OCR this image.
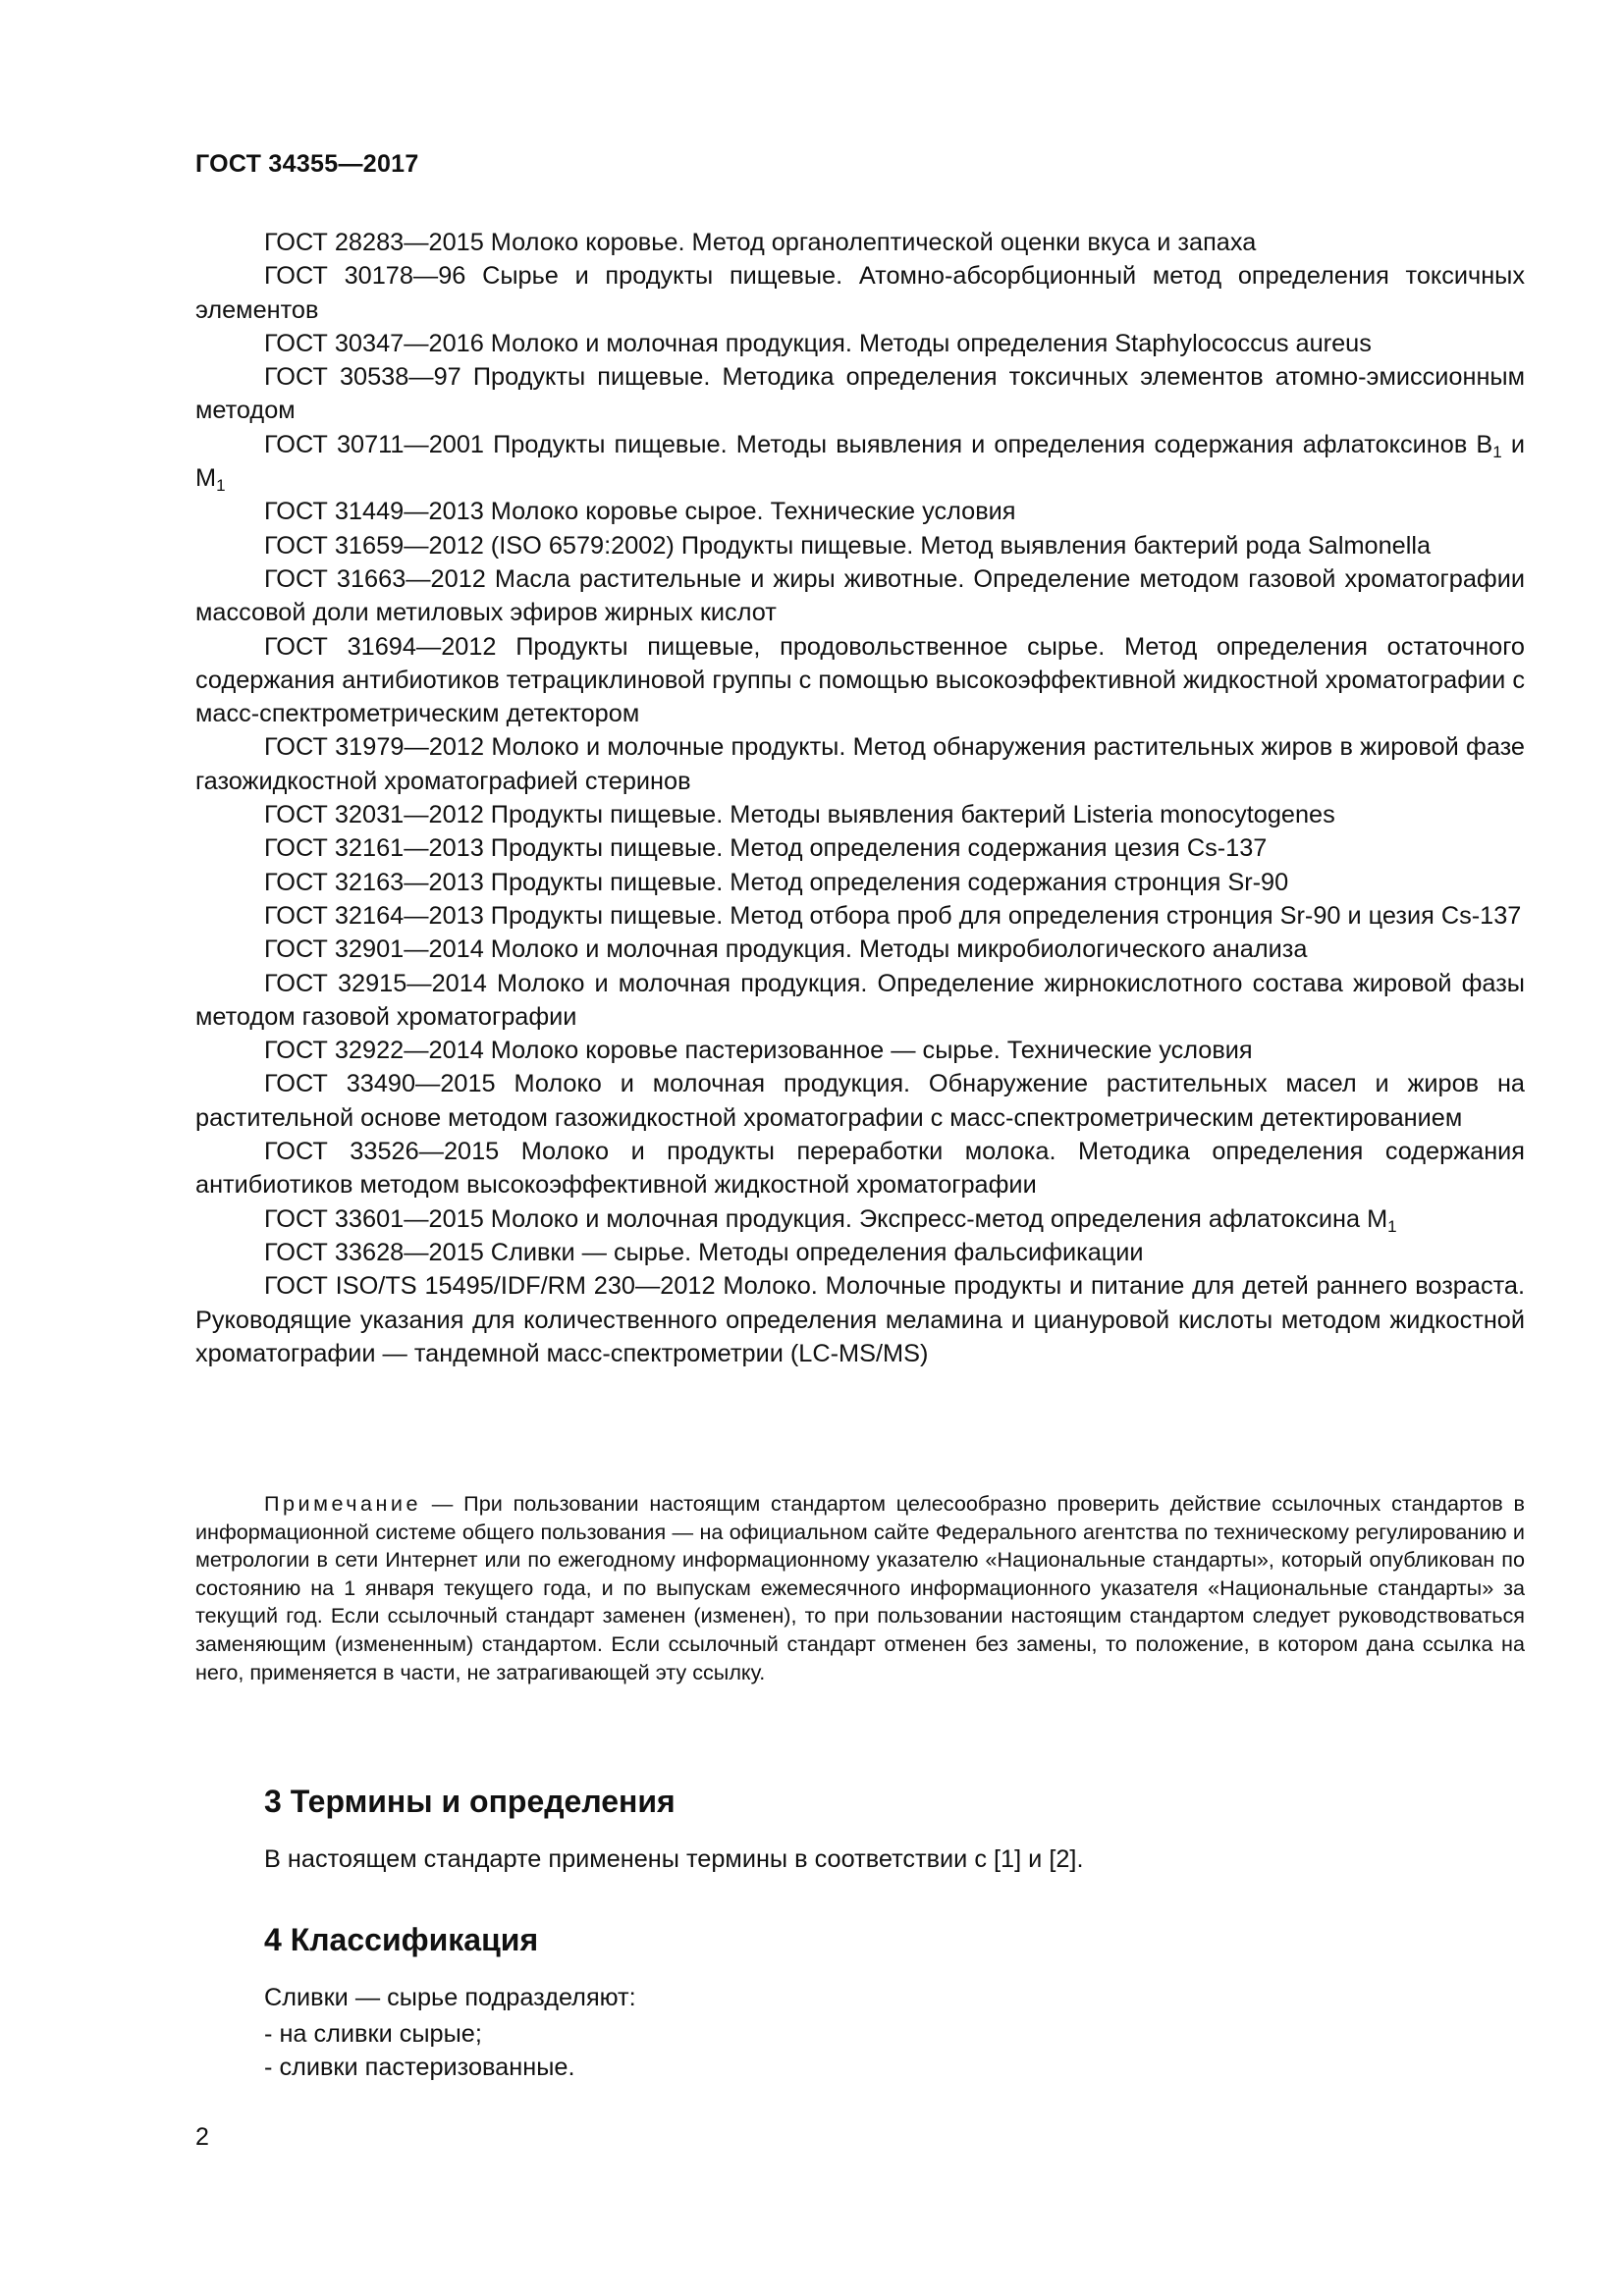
ГОСТ 34355—2017

ГОСТ 28283—2015 Молоко коровье. Метод органолептической оценки вкуса и запаха

ГОСТ 30178—96 Сырье и продукты пищевые. Атомно-абсорбционный метод определения токсичных элементов

ГОСТ 30347—2016 Молоко и молочная продукция. Методы определения Staphylococcus aureus

ГОСТ 30538—97 Продукты пищевые. Методика определения токсичных элементов атомно-эмиссионным методом

ГОСТ 30711—2001 Продукты пищевые. Методы выявления и определения содержания афлатоксинов $B_1$ и $M_1$

ГОСТ 31449—2013 Молоко коровье сырое. Технические условия

ГОСТ 31659—2012 (ISO 6579:2002) Продукты пищевые. Метод выявления бактерий рода Salmonella

ГОСТ 31663—2012 Масла растительные и жиры животные. Определение методом газовой хроматографии массовой доли метиловых эфиров жирных кислот

ГОСТ 31694—2012 Продукты пищевые, продовольственное сырье. Метод определения остаточного содержания антибиотиков тетрациклиновой группы с помощью высокоэффективной жидкостной хроматографии с масс-спектрометрическим детектором

ГОСТ 31979—2012 Молоко и молочные продукты. Метод обнаружения растительных жиров в жировой фазе газожидкостной хроматографией стеринов

ГОСТ 32031—2012 Продукты пищевые. Методы выявления бактерий Listeria monocytogenes

ГОСТ 32161—2013 Продукты пищевые. Метод определения содержания цезия Cs-137

ГОСТ 32163—2013 Продукты пищевые. Метод определения содержания стронция Sr-90

ГОСТ 32164—2013 Продукты пищевые. Метод отбора проб для определения стронция Sr-90 и цезия Cs-137

ГОСТ 32901—2014 Молоко и молочная продукция. Методы микробиологического анализа

ГОСТ 32915—2014 Молоко и молочная продукция. Определение жирнокислотного состава жировой фазы методом газовой хроматографии

ГОСТ 32922—2014 Молоко коровье пастеризованное — сырье. Технические условия

ГОСТ 33490—2015 Молоко и молочная продукция. Обнаружение растительных масел и жиров на растительной основе методом газожидкостной хроматографии с масс-спектрометрическим детектированием

ГОСТ 33526—2015 Молоко и продукты переработки молока. Методика определения содержания антибиотиков методом высокоэффективной жидкостной хроматографии

ГОСТ 33601—2015 Молоко и молочная продукция. Экспресс-метод определения афлатоксина $M_1$

ГОСТ 33628—2015 Сливки — сырье. Методы определения фальсификации

ГОСТ ISO/TS 15495/IDF/RM 230—2012 Молоко. Молочные продукты и питание для детей раннего возраста. Руководящие указания для количественного определения меламина и циануровой кислоты методом жидкостной хроматографии — тандемной масс-спектрометрии (LC-MS/MS)

Примечание — При пользовании настоящим стандартом целесообразно проверить действие ссылочных стандартов в информационной системе общего пользования — на официальном сайте Федерального агентства по техническому регулированию и метрологии в сети Интернет или по ежегодному информационному указателю «Национальные стандарты», который опубликован по состоянию на 1 января текущего года, и по выпускам ежемесячного информационного указателя «Национальные стандарты» за текущий год. Если ссылочный стандарт заменен (изменен), то при пользовании настоящим стандартом следует руководствоваться заменяющим (измененным) стандартом. Если ссылочный стандарт отменен без замены, то положение, в котором дана ссылка на него, применяется в части, не затрагивающей эту ссылку.
3 Термины и определения
В настоящем стандарте применены термины в соответствии с [1] и [2].
4 Классификация
Сливки — сырье подразделяют:
- на сливки сырые;
- сливки пастеризованные.
2
